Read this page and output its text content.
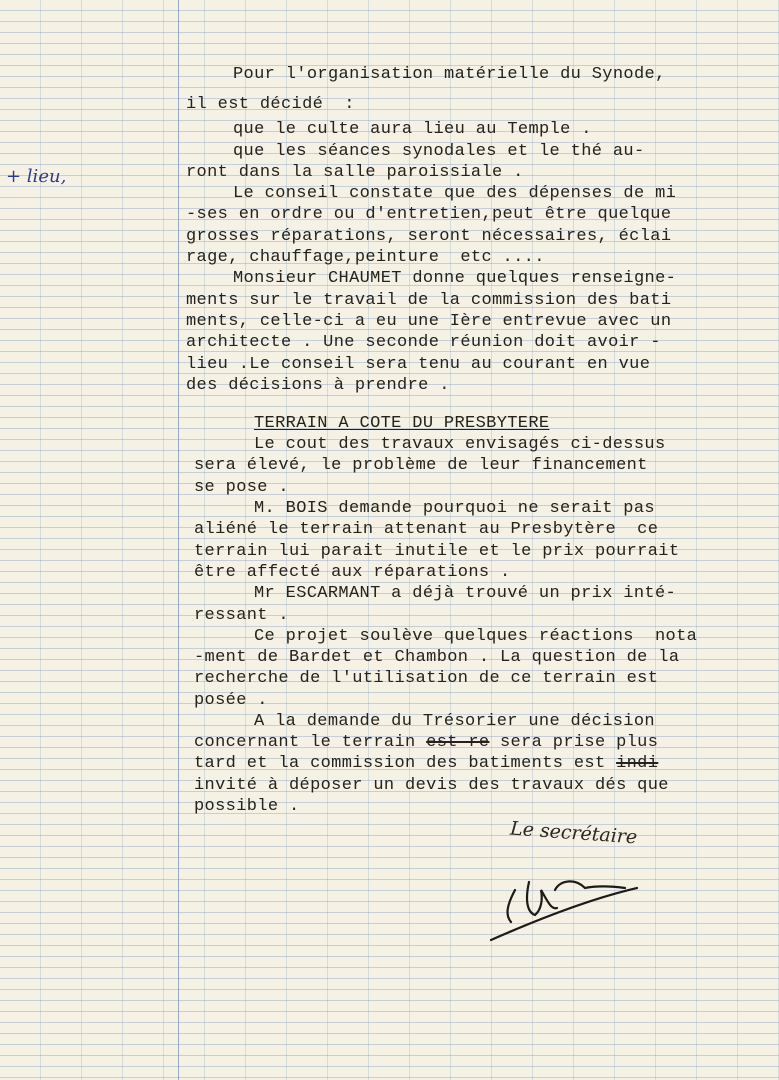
Pour l'organisation matérielle du Synode,
il est décidé  :
que le culte aura lieu au Temple .
que les séances synodales et le thé au-
ront dans la salle paroissiale .
Le conseil constate que des dépenses de mi
-ses en ordre ou d'entretien,peut être quelque
grosses réparations, seront nécessaires, éclai
rage, chauffage,peinture  etc ....
Monsieur CHAUMET donne quelques renseigne-
ments sur le travail de la commission des bati
ments, celle-ci a eu une Ière entrevue avec un
architecte . Une seconde réunion doit avoir -
lieu .Le conseil sera tenu au courant en vue
des décisions à prendre .
TERRAIN A COTE DU PRESBYTERE
Le cout des travaux envisagés ci-dessus
sera élevé, le problème de leur financement
se pose .
M. BOIS demande pourquoi ne serait pas
aliéné le terrain attenant au Presbytère  ce
terrain lui parait inutile et le prix pourrait
être affecté aux réparations .
Mr ESCARMANT a déjà trouvé un prix inté-
ressant .
Ce projet soulève quelques réactions  nota
-ment de Bardet et Chambon . La question de la
recherche de l'utilisation de ce terrain est
posée .
A la demande du Trésorier une décision
concernant le terrain est re sera prise plus
tard et la commission des batiments est indi
invité à déposer un devis des travaux dés que
possible .
+ lieu,
Le secrétaire
